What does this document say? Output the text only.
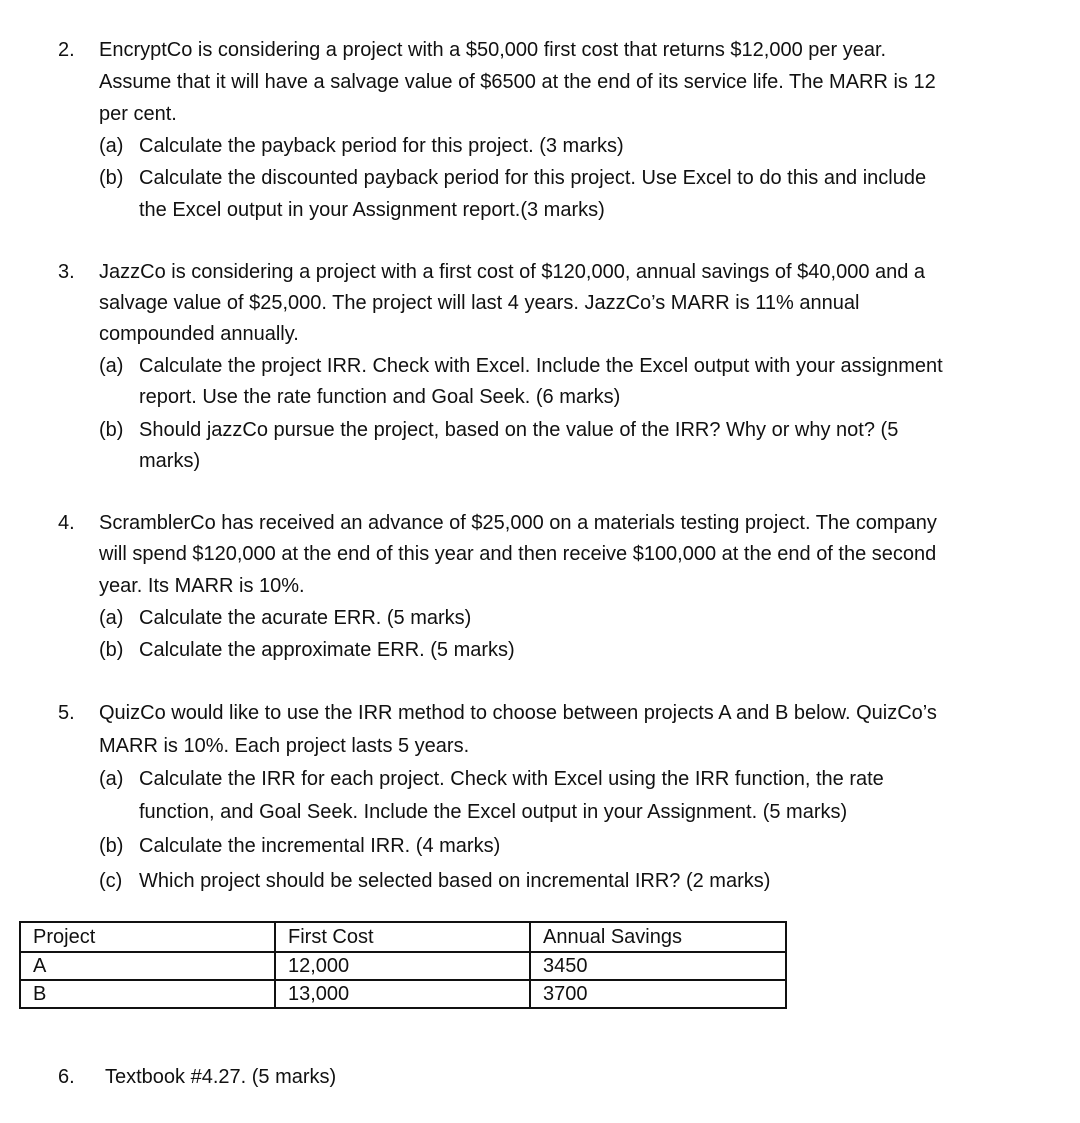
2. EncryptCo is considering a project with a $50,000 first cost that returns $12,000 per year.
Assume that it will have a salvage value of $6500 at the end of its service life. The MARR is 12
per cent.
(a) Calculate the payback period for this project. (3 marks)
(b) Calculate the discounted payback period for this project. Use Excel to do this and include
the Excel output in your Assignment report.(3 marks)
3. JazzCo is considering a project with a first cost of $120,000, annual savings of $40,000 and a
salvage value of $25,000. The project will last 4 years. JazzCo’s MARR is 11% annual
compounded annually.
(a) Calculate the project IRR. Check with Excel. Include the Excel output with your assignment
report. Use the rate function and Goal Seek. (6 marks)
(b) Should jazzCo pursue the project, based on the value of the IRR? Why or why not? (5
marks)
4. ScramblerCo has received an advance of $25,000 on a materials testing project. The company
will spend $120,000 at the end of this year and then receive $100,000 at the end of the second
year. Its MARR is 10%.
(a) Calculate the acurate ERR. (5 marks)
(b) Calculate the approximate ERR. (5 marks)
5. QuizCo would like to use the IRR method to choose between projects A and B below. QuizCo’s
MARR is 10%. Each project lasts 5 years.
(a) Calculate the IRR for each project. Check with Excel using the IRR function, the rate
function, and Goal Seek. Include the Excel output in your Assignment. (5 marks)
(b) Calculate the incremental IRR. (4 marks)
(c) Which project should be selected based on incremental IRR? (2 marks)
Project	First Cost	Annual Savings
A	12,000	3450
B	13,000	3700
6. Textbook #4.27. (5 marks)
